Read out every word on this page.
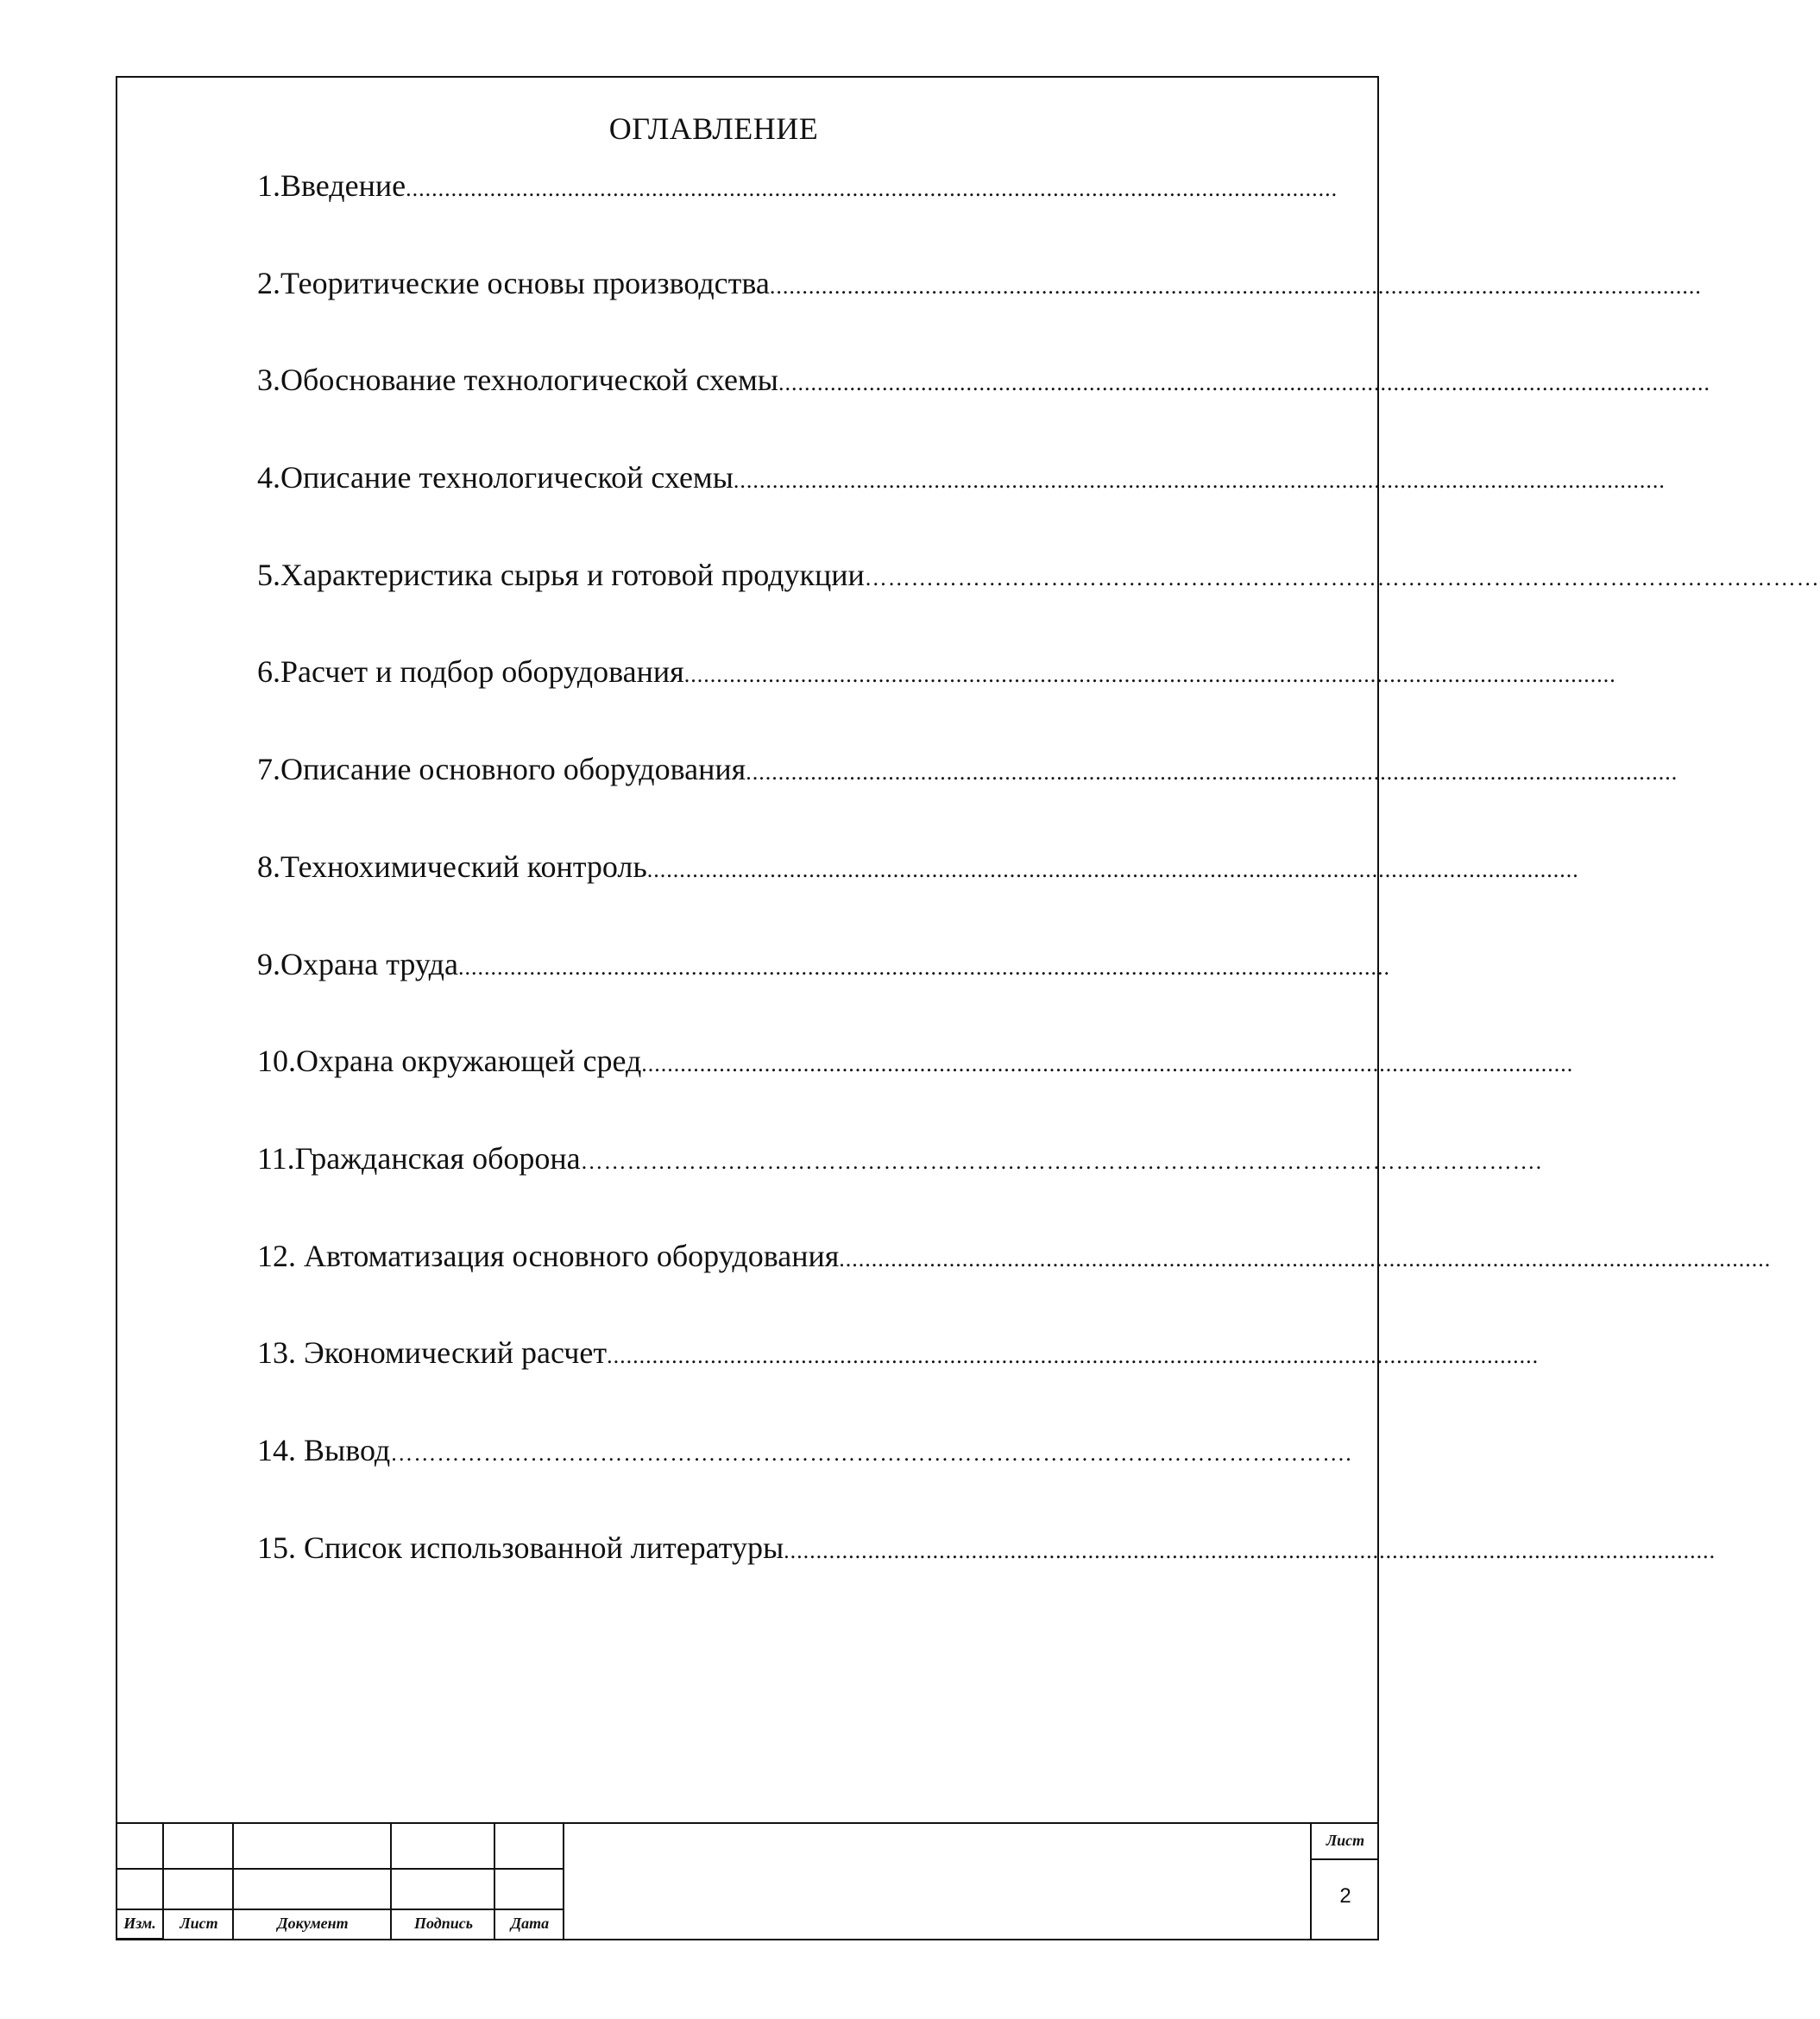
ОГЛАВЛЕНИЕ
1.Введение ................................................................................................................................................
2.Теоритические основы производства ................................................................................................................................................
3.Обоснование технологической схемы ................................................................................................................................................
4.Описание технологической схемы ................................................................................................................................................
5.Характеристика сырья и готовой продукции ……………………………………………………………………………………………………………
6.Расчет и подбор оборудования ................................................................................................................................................
7.Описание основного оборудования ................................................................................................................................................
8.Технохимический контроль ................................................................................................................................................
9.Охрана труда ................................................................................................................................................
10.Охрана окружающей сред ................................................................................................................................................
11.Гражданская оборона …………………………………………………………………………………………………………….
12. Автоматизация основного оборудования ................................................................................................................................................
13. Экономический расчет ................................................................................................................................................
14. Вывод …………………………………………………………………………………………………………….
15. Список использованной литературы ................................................................................................................................................
Изм.	Лист	Документ	Подпись	Дата
Лист
2
